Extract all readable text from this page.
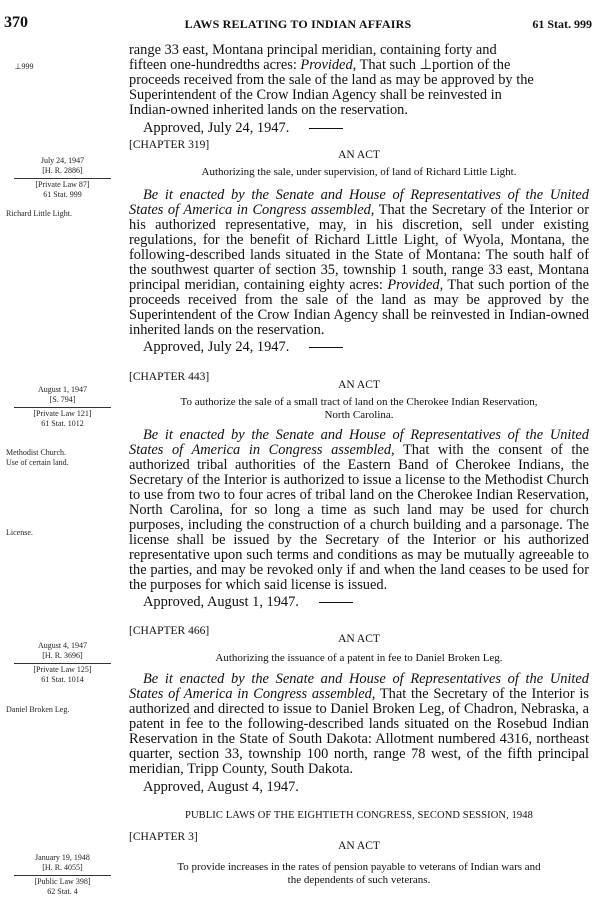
370	LAWS RELATING TO INDIAN AFFAIRS	61 Stat. 999
⊥999
July 24, 1947
[H. R. 2886]
[Private Law 87]
61 Stat. 999
Richard Little Light.
August 1, 1947
[S. 794]
[Private Law 121]
61 Stat. 1012
Methodist Church.
Use of certain land.
License.
August 4, 1947
[H. R. 3696]
[Private Law 125]
61 Stat. 1014
Daniel Broken Leg.
January 19, 1948
[H. R. 4055]
[Public Law 398]
62 Stat. 4
range 33 east, Montana principal meridian, containing forty and
fifteen one-hundredths acres: Provided, That such ⊥portion of the
proceeds received from the sale of the land as may be approved by the
Superintendent of the Crow Indian Agency shall be reinvested in
Indian-owned inherited lands on the reservation.
Approved, July 24, 1947.
[CHAPTER 319]
AN ACT
Authorizing the sale, under supervision, of land of Richard Little Light.

Be it enacted by the Senate and House of Representatives of the United States of America in Congress assembled, That the Secretary of the Interior or his authorized representative, may, in his discretion, sell under existing regulations, for the benefit of Richard Little Light, of Wyola, Montana, the following-described lands situated in the State of Montana: The south half of the southwest quarter of section 35, township 1 south, range 33 east, Montana principal meridian, containing eighty acres: Provided, That such portion of the proceeds received from the sale of the land as may be approved by the Superintendent of the Crow Indian Agency shall be reinvested in Indian-owned inherited lands on the reservation.

Approved, July 24, 1947.
[CHAPTER 443]
AN ACT
To authorize the sale of a small tract of land on the Cherokee Indian Reservation,
North Carolina.

Be it enacted by the Senate and House of Representatives of the United States of America in Congress assembled, That with the consent of the authorized tribal authorities of the Eastern Band of Cherokee Indians, the Secretary of the Interior is authorized to issue a license to the Methodist Church to use from two to four acres of tribal land on the Cherokee Indian Reservation, North Carolina, for so long a time as such land may be used for church purposes, including the construction of a church building and a parsonage. The license shall be issued by the Secretary of the Interior or his authorized representative upon such terms and conditions as may be mutually agreeable to the parties, and may be revoked only if and when the land ceases to be used for the purposes for which said license is issued.

Approved, August 1, 1947.
[CHAPTER 466]
AN ACT
Authorizing the issuance of a patent in fee to Daniel Broken Leg.

Be it enacted by the Senate and House of Representatives of the United States of America in Congress assembled, That the Secretary of the Interior is authorized and directed to issue to Daniel Broken Leg, of Chadron, Nebraska, a patent in fee to the following-described lands situated on the Rosebud Indian Reservation in the State of South Dakota: Allotment numbered 4316, northeast quarter, section 33, township 100 north, range 78 west, of the fifth principal meridian, Tripp County, South Dakota.

Approved, August 4, 1947.
PUBLIC LAWS OF THE EIGHTIETH CONGRESS, SECOND SESSION, 1948
[CHAPTER 3]
AN ACT
To provide increases in the rates of pension payable to veterans of Indian wars and
the dependents of such veterans.
